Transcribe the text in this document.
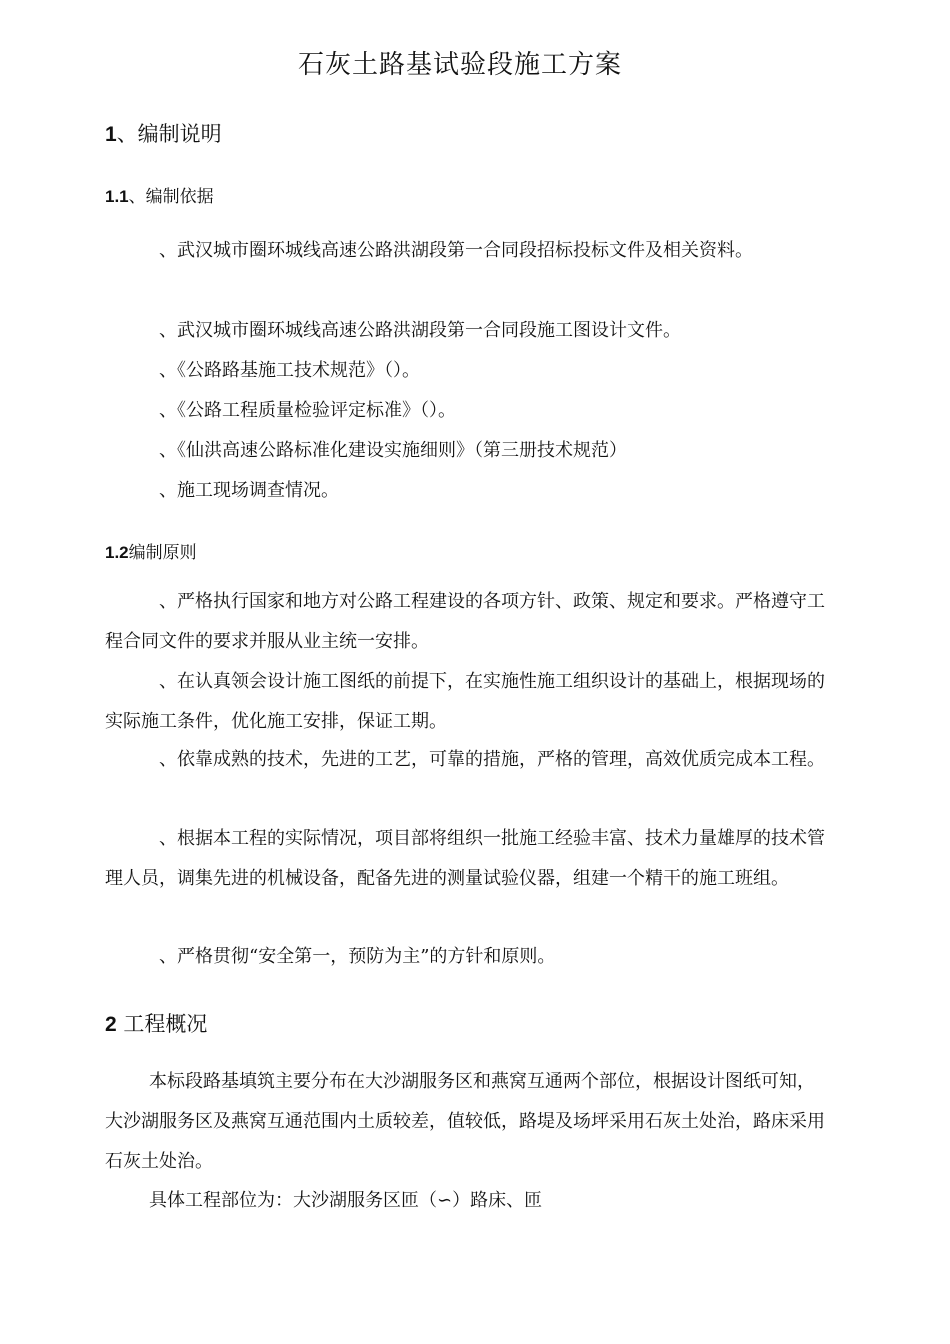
石灰土路基试验段施工方案
1、编制说明
1.1、编制依据

、武汉城市圈环城线高速公路洪湖段第一合同段招标投标文件及相关资料。

、武汉城市圈环城线高速公路洪湖段第一合同段施工图设计文件。

、《公路路基施工技术规范》（）。

、《公路工程质量检验评定标准》（）。

、《仙洪高速公路标准化建设实施细则》（第三册技术规范）

、施工现场调查情况。

1.2编制原则

、严格执行国家和地方对公路工程建设的各项方针、政策、规定和要求。严格遵守工程合同文件的要求并服从业主统一安排。

、在认真领会设计施工图纸的前提下，在实施性施工组织设计的基础上，根据现场的实际施工条件，优化施工安排，保证工期。

、依靠成熟的技术，先进的工艺，可靠的措施，严格的管理，高效优质完成本工程。

、根据本工程的实际情况，项目部将组织一批施工经验丰富、技术力量雄厚的技术管理人员，调集先进的机械设备，配备先进的测量试验仪器，组建一个精干的施工班组。

、严格贯彻“安全第一，预防为主”的方针和原则。

2 工程概况

本标段路基填筑主要分布在大沙湖服务区和燕窝互通两个部位，根据设计图纸可知，大沙湖服务区及燕窝互通范围内土质较差，值较低，路堤及场坪采用石灰土处治，路床采用石灰土处治。

具体工程部位为：大沙湖服务区匝（∽）路床、匝
